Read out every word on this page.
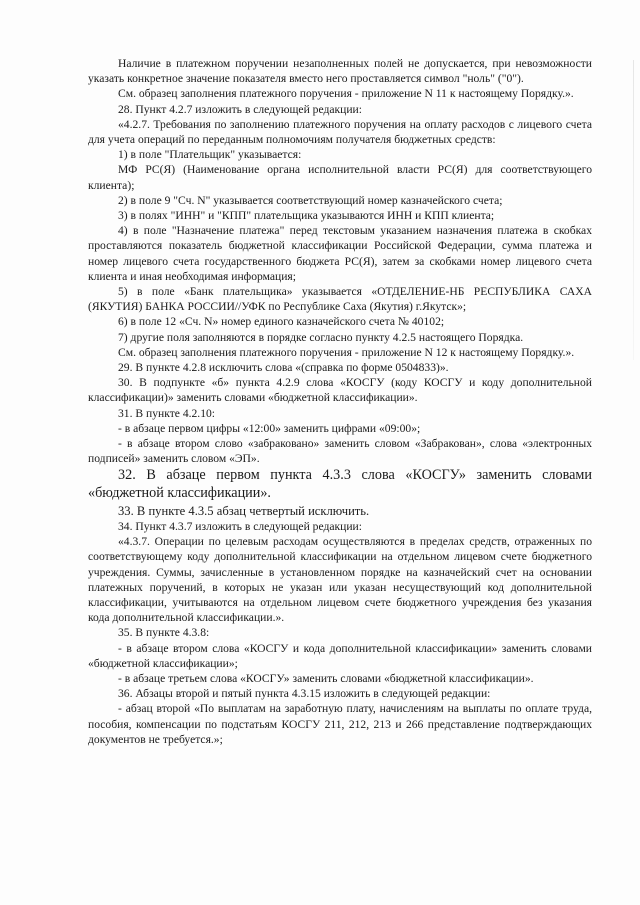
Наличие в платежном поручении незаполненных полей не допускается, при невозможности указать конкретное значение показателя вместо него проставляется символ "ноль" ("0").

См. образец заполнения платежного поручения - приложение N 11 к настоящему Порядку.».

28. Пункт 4.2.7 изложить в следующей редакции:

«4.2.7. Требования по заполнению платежного поручения на оплату расходов с лицевого счета для учета операций по переданным полномочиям получателя бюджетных средств:

1) в поле "Плательщик" указывается:

МФ РС(Я) (Наименование органа исполнительной власти РС(Я) для соответствующего клиента);

2) в поле 9 "Сч. N" указывается соответствующий номер казначейского счета;

3) в полях "ИНН" и "КПП" плательщика указываются ИНН и КПП клиента;

4) в поле "Назначение платежа" перед текстовым указанием назначения платежа в скобках проставляются показатель бюджетной классификации Российской Федерации, сумма платежа и номер лицевого счета государственного бюджета РС(Я), затем за скобками номер лицевого счета клиента и иная необходимая информация;

5) в поле «Банк плательщика» указывается «ОТДЕЛЕНИЕ-НБ РЕСПУБЛИКА САХА (ЯКУТИЯ) БАНКА РОССИИ//УФК по Республике Саха (Якутия) г.Якутск»;

6) в поле 12 «Сч. N» номер единого казначейского счета № 40102;

7) другие поля заполняются в порядке согласно пункту 4.2.5 настоящего Порядка.

См. образец заполнения платежного поручения - приложение N 12 к настоящему Порядку.».

29. В пункте 4.2.8 исключить слова «(справка по форме 0504833)».

30. В подпункте «б» пункта 4.2.9 слова «КОСГУ (коду КОСГУ и коду дополнительной классификации)» заменить словами «бюджетной классификации».

31. В пункте 4.2.10:

- в абзаце первом цифры «12:00» заменить цифрами «09:00»;

- в абзаце втором слово «забраковано» заменить словом «Забракован», слова «электронных подписей» заменить словом «ЭП».

32. В абзаце первом пункта 4.3.3 слова «КОСГУ» заменить словами «бюджетной классификации».

33. В пункте 4.3.5 абзац четвертый исключить.

34. Пункт 4.3.7 изложить в следующей редакции:

«4.3.7. Операции по целевым расходам осуществляются в пределах средств, отраженных по соответствующему коду дополнительной классификации на отдельном лицевом счете бюджетного учреждения. Суммы, зачисленные в установленном порядке на казначейский счет на основании платежных поручений, в которых не указан или указан несуществующий код дополнительной классификации, учитываются на отдельном лицевом счете бюджетного учреждения без указания кода дополнительной классификации.».

35. В пункте 4.3.8:

- в абзаце втором слова «КОСГУ и кода дополнительной классификации» заменить словами «бюджетной классификации»;

- в абзаце третьем слова «КОСГУ» заменить словами «бюджетной классификации».

36. Абзацы второй и пятый пункта 4.3.15 изложить в следующей редакции:

- абзац второй «По выплатам на заработную плату, начислениям на выплаты по оплате труда, пособия, компенсации по подстатьям КОСГУ 211, 212, 213 и 266 представление подтверждающих документов не требуется.»;
